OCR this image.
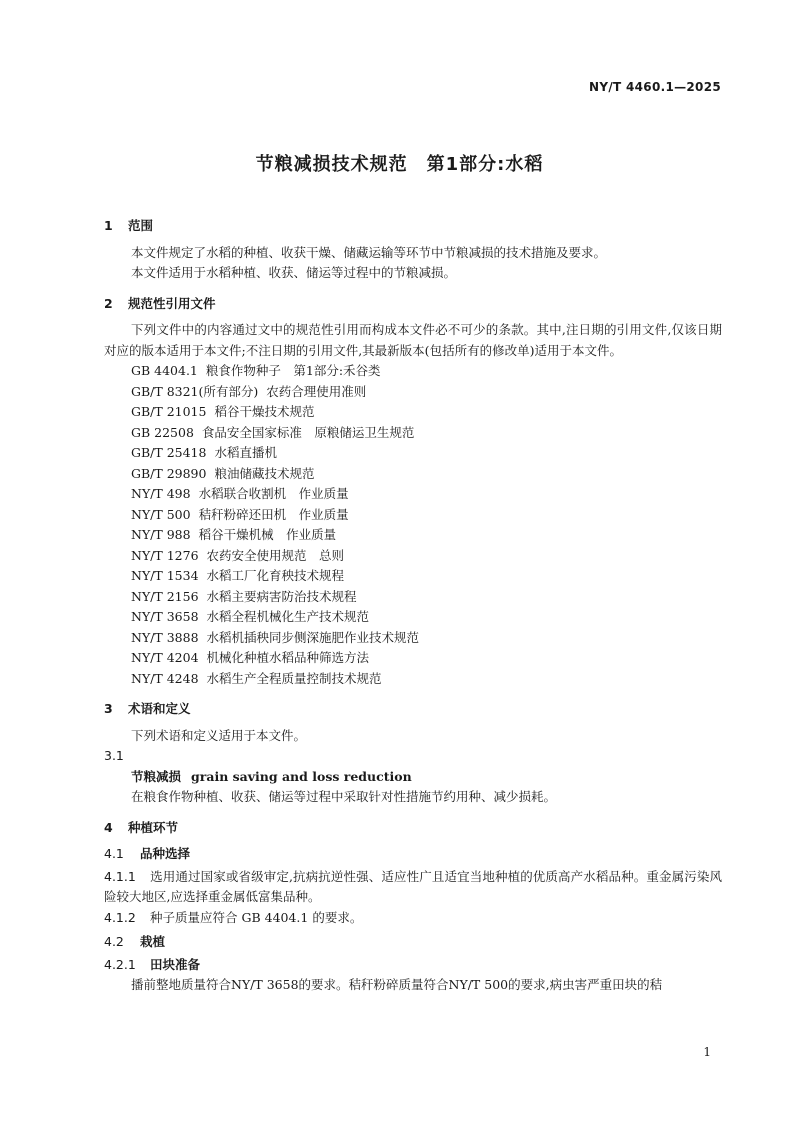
NY/T 4460.1—2025
节粮减损技术规范　第1部分:水稻
1 范围

本文件规定了水稻的种植、收获干燥、储藏运输等环节中节粮减损的技术措施及要求。

本文件适用于水稻种植、收获、储运等过程中的节粮减损。

2 规范性引用文件

下列文件中的内容通过文中的规范性引用而构成本文件必不可少的条款。其中,注日期的引用文件,仅该日期对应的版本适用于本文件;不注日期的引用文件,其最新版本(包括所有的修改单)适用于本文件。

GB 4404.1 粮食作物种子　第1部分:禾谷类
GB/T 8321(所有部分) 农药合理使用准则
GB/T 21015 稻谷干燥技术规范
GB 22508 食品安全国家标准　原粮储运卫生规范
GB/T 25418 水稻直播机
GB/T 29890 粮油储藏技术规范
NY/T 498 水稻联合收割机　作业质量
NY/T 500 秸秆粉碎还田机　作业质量
NY/T 988 稻谷干燥机械　作业质量
NY/T 1276 农药安全使用规范　总则
NY/T 1534 水稻工厂化育秧技术规程
NY/T 2156 水稻主要病害防治技术规程
NY/T 3658 水稻全程机械化生产技术规范
NY/T 3888 水稻机插秧同步侧深施肥作业技术规范
NY/T 4204 机械化种植水稻品种筛选方法
NY/T 4248 水稻生产全程质量控制技术规范
3 术语和定义

下列术语和定义适用于本文件。

3.1

节粮减损 grain saving and loss reduction

在粮食作物种植、收获、储运等过程中采取针对性措施节约用种、减少损耗。

4 种植环节
4.1 品种选择

4.1.1 选用通过国家或省级审定,抗病抗逆性强、适应性广且适宜当地种植的优质高产水稻品种。重金属污染风险较大地区,应选择重金属低富集品种。

4.1.2 种子质量应符合 GB 4404.1 的要求。

4.2 栽植
4.2.1 田块准备

播前整地质量符合NY/T 3658的要求。秸秆粉碎质量符合NY/T 500的要求,病虫害严重田块的秸

1
